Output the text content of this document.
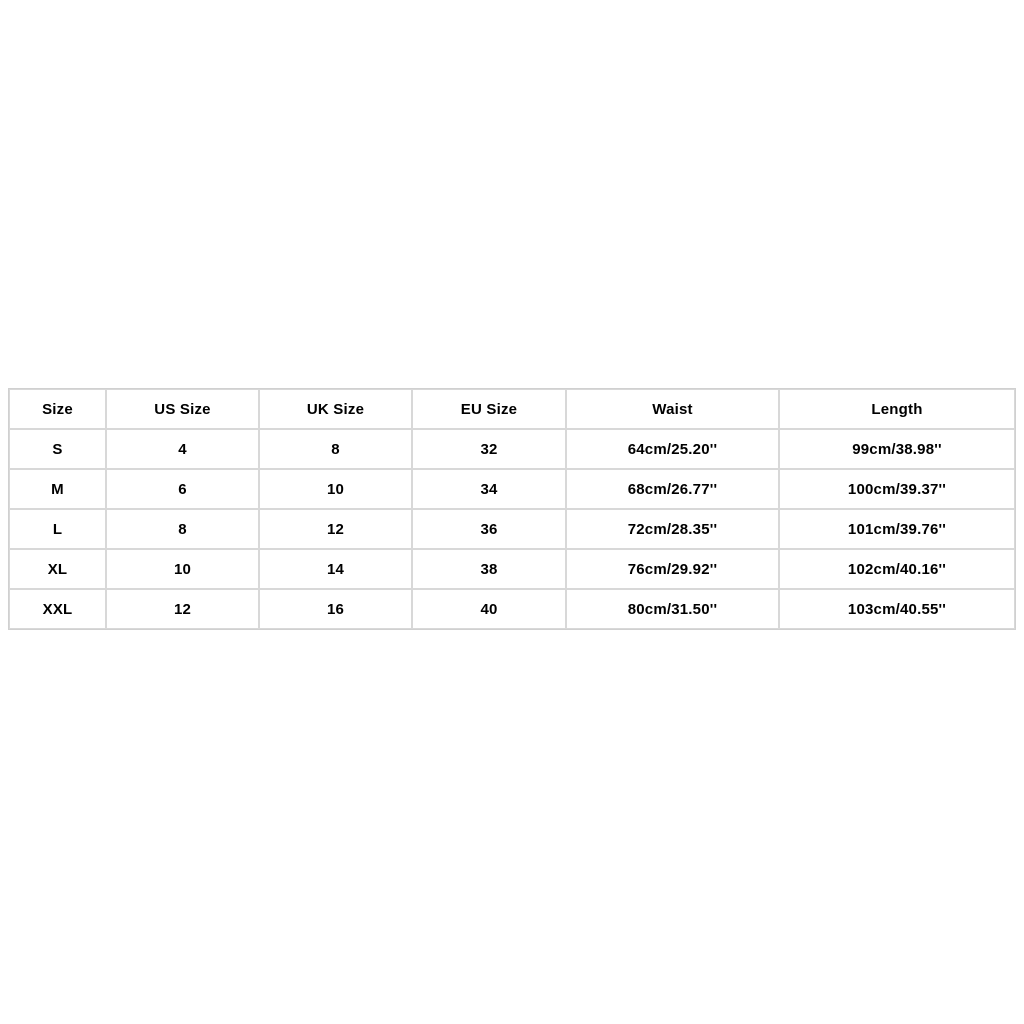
Size	US Size	UK Size	EU Size	Waist	Length
S	4	8	32	64cm/25.20''	99cm/38.98''
M	6	10	34	68cm/26.77''	100cm/39.37''
L	8	12	36	72cm/28.35''	101cm/39.76''
XL	10	14	38	76cm/29.92''	102cm/40.16''
XXL	12	16	40	80cm/31.50''	103cm/40.55''
